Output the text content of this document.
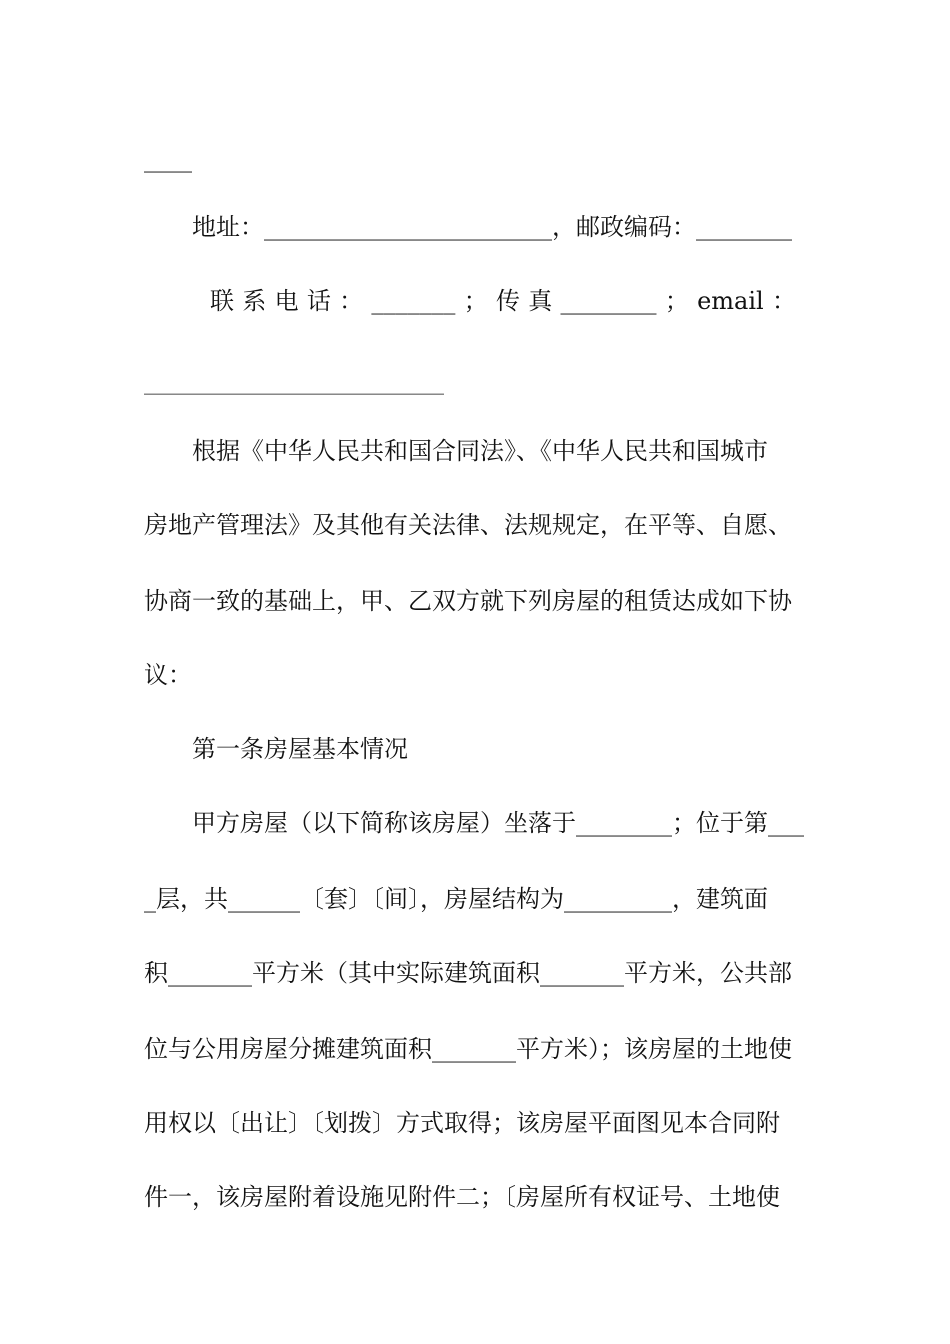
____
地址：________________________，邮政编码：________
联 系 电 话 ： _______ ； 传 真 ________ ； email ：
______________________________
根据《中华人民共和国合同法》、《中华人民共和国城市
房地产管理法》及其他有关法律、法规规定，在平等、自愿、
协商一致的基础上，甲、乙双方就下列房屋的租赁达成如下协
议：
第一条房屋基本情况
甲方房屋（以下简称该房屋）坐落于________；位于第___
_层，共______〔套〕〔间〕，房屋结构为_________，建筑面
积_______平方米（其中实际建筑面积_______平方米，公共部
位与公用房屋分摊建筑面积_______平方米）；该房屋的土地使
用权以〔出让〕〔划拨〕方式取得；该房屋平面图见本合同附
件一，该房屋附着设施见附件二；〔房屋所有权证号、土地使
